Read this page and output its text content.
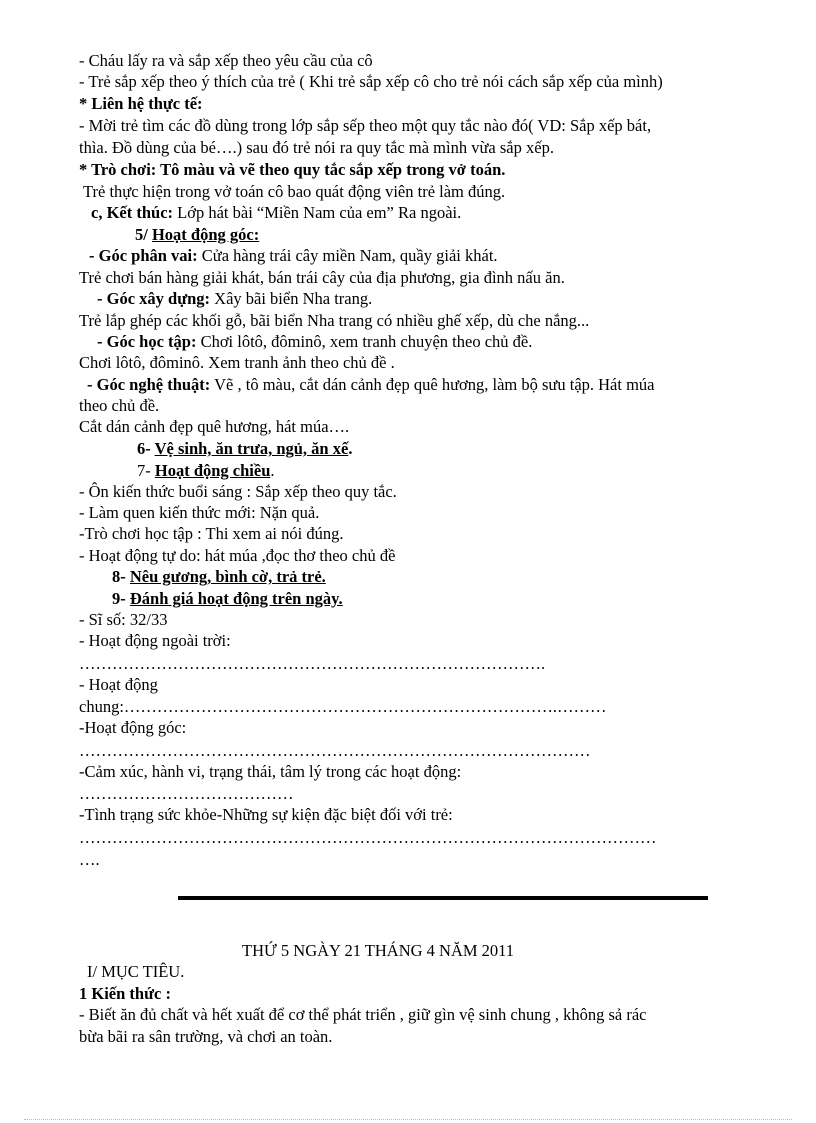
- Cháu lấy ra và sắp xếp theo yêu cầu của cô
- Trẻ sắp xếp theo ý thích của trẻ ( Khi trẻ sắp xếp cô cho trẻ nói cách sắp xếp của mình)
* Liên hệ thực tế:
- Mời trẻ tìm các đồ dùng trong lớp sắp sếp theo một quy tắc nào đó( VD: Sắp xếp bát,
thìa. Đồ dùng của bé….) sau đó trẻ nói ra quy tắc mà mình vừa sắp xếp.
* Trò chơi: Tô màu và vẽ theo quy tắc sắp xếp trong vở toán.
Trẻ thực hiện trong vở toán cô bao quát động viên trẻ làm đúng.
c, Kết thúc: Lớp hát bài “Miền Nam của em” Ra ngoài.
5/ Hoạt động góc:
- Góc phân vai: Cửa hàng trái cây miền Nam, quầy giải khát.
Trẻ chơi bán hàng giải khát, bán trái cây của địa phương, gia đình nấu ăn.
- Góc xây dựng: Xây bãi biển Nha trang.
Trẻ lắp ghép các khối gỗ, bãi biển Nha trang có nhiều ghế xếp, dù che nắng...
- Góc học tập: Chơi lôtô, đôminô, xem tranh chuyện theo chủ đề.
Chơi lôtô, đôminô. Xem tranh ảnh theo chủ đề .
- Góc nghệ thuật: Vẽ , tô màu, cắt dán cảnh đẹp quê hương, làm bộ sưu tập. Hát múa
theo chủ đề.
Cắt dán cảnh đẹp quê hương, hát múa….
6- Vệ sinh, ăn trưa, ngủ, ăn xế.
7- Hoạt động chiều.
- Ôn kiến thức buổi sáng : Sắp xếp theo quy tắc.
- Làm quen kiến thức mới: Nặn quả.
-Trò chơi học tập : Thi xem ai nói đúng.
- Hoạt động tự do: hát múa ,đọc thơ theo chủ đề
8- Nêu gương, bình cờ, trả trẻ.
9- Đánh giá hoạt động trên ngày.
- Sĩ số: 32/33
- Hoạt động ngoài trời:
………………………………………………………………………….
- Hoạt động
chung:…………………………………………………………………….………
-Hoạt động góc:
…………………………………………………………………………………
-Cảm xúc, hành vi, trạng thái, tâm lý trong các hoạt động:
…………………………………
-Tình trạng sức khỏe-Những sự kiện đặc biệt đối với trẻ:
……………………………………………………………………………………………
….
THỨ 5 NGÀY 21 THÁNG 4 NĂM 2011
I/ MỤC TIÊU.
1 Kiến thức :
- Biết ăn đủ chất và hết xuất để cơ thể phát triển , giữ gìn vệ sinh chung , không sả rác
bừa bãi ra sân trường, và chơi an toàn.
